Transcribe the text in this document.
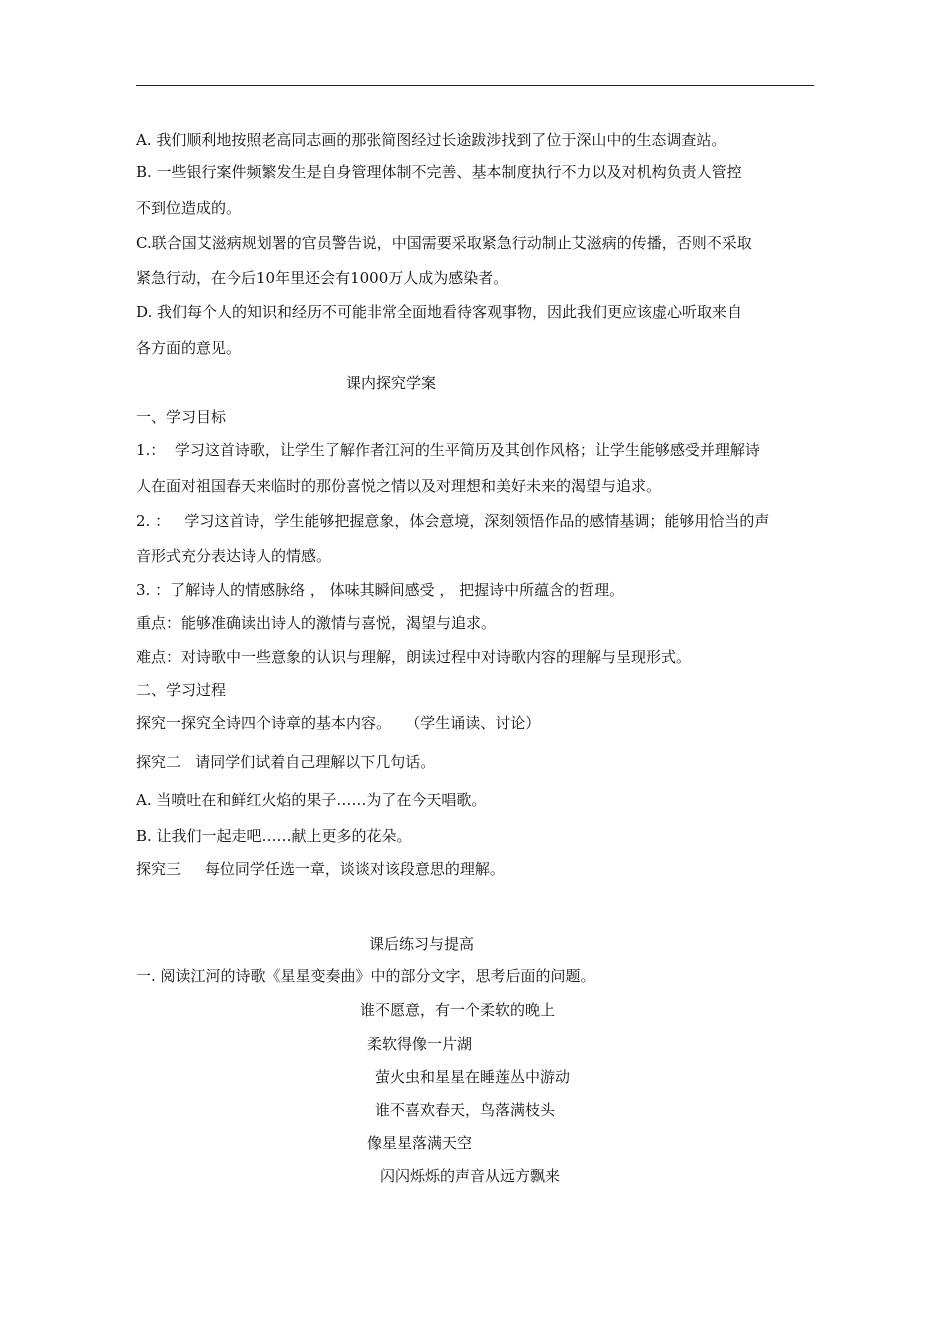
A. 我们顺利地按照老高同志画的那张简图经过长途跋涉找到了位于深山中的生态调查站。
B. 一些银行案件频繁发生是自身管理体制不完善、基本制度执行不力以及对机构负责人管控
不到位造成的。
C.联合国艾滋病规划署的官员警告说，中国需要采取紧急行动制止艾滋病的传播，否则不采取
紧急行动，在今后10年里还会有1000万人成为感染者。
D. 我们每个人的知识和经历不可能非常全面地看待客观事物，因此我们更应该虚心听取来自
各方面的意见。
课内探究学案
一、学习目标
1.：  学习这首诗歌，让学生了解作者江河的生平简历及其创作风格；让学生能够感受并理解诗
人在面对祖国春天来临时的那份喜悦之情以及对理想和美好未来的渴望与追求。
2. ：   学习这首诗，学生能够把握意象，体会意境，深刻领悟作品的感情基调；能够用恰当的声
音形式充分表达诗人的情感。
3. ：了解诗人的情感脉络 ， 体味其瞬间感受 ， 把握诗中所蕴含的哲理。
重点：能够准确读出诗人的激情与喜悦，渴望与追求。
难点：对诗歌中一些意象的认识与理解，朗读过程中对诗歌内容的理解与呈现形式。
二、学习过程
探究一探究全诗四个诗章的基本内容。   （学生诵读、讨论）
探究二   请同学们试着自己理解以下几句话。
A. 当喷吐在和鲜红火焰的果子……为了在今天唱歌。
B. 让我们一起走吧……献上更多的花朵。
探究三     每位同学任选一章，谈谈对该段意思的理解。
课后练习与提高
一. 阅读江河的诗歌《星星变奏曲》中的部分文字，思考后面的问题。
谁不愿意，有一个柔软的晚上
柔软得像一片湖
萤火虫和星星在睡莲丛中游动
谁不喜欢春天，鸟落满枝头
像星星落满天空
闪闪烁烁的声音从远方飘来
